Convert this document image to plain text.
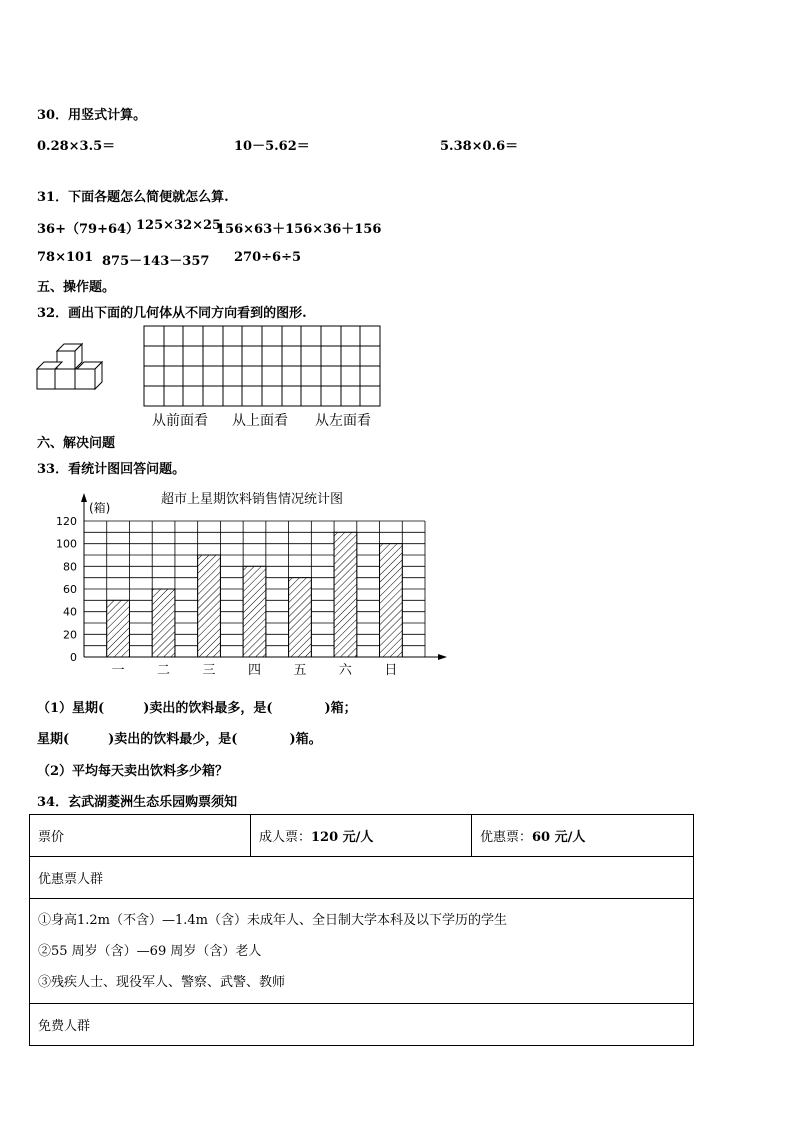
30．用竖式计算。
0.28×3.5＝	10－5.62＝	5.38×0.6＝
31．下面各题怎么简便就怎么算.
36+（79+64）
125×32×25
156×63＋156×36＋156
78×101 875－143－357 270÷6÷5
五、操作题。
32．画出下面的几何体从不同方向看到的图形.
从前面看 从上面看 从左面看
六、解决问题
33．看统计图回答问题。
超市上星期饮料销售情况统计图
(箱)
0
20
40
60
80
100
120
一 二 三 四 五 六 日
（1）星期(　　　)卖出的饮料最多，是(　　　　)箱；
星期(　　　)卖出的饮料最少，是(　　　　)箱。
（2）平均每天卖出饮料多少箱？
34．玄武湖菱洲生态乐园购票须知
票价	成人票：120 元/人	优惠票：60 元/人
优惠票人群

①身高1.2m（不含）—1.4m（含）未成年人、全日制大学本科及以下学历的学生
②55 周岁（含）—69 周岁（含）老人
③残疾人士、现役军人、警察、武警、教师

免费人群
